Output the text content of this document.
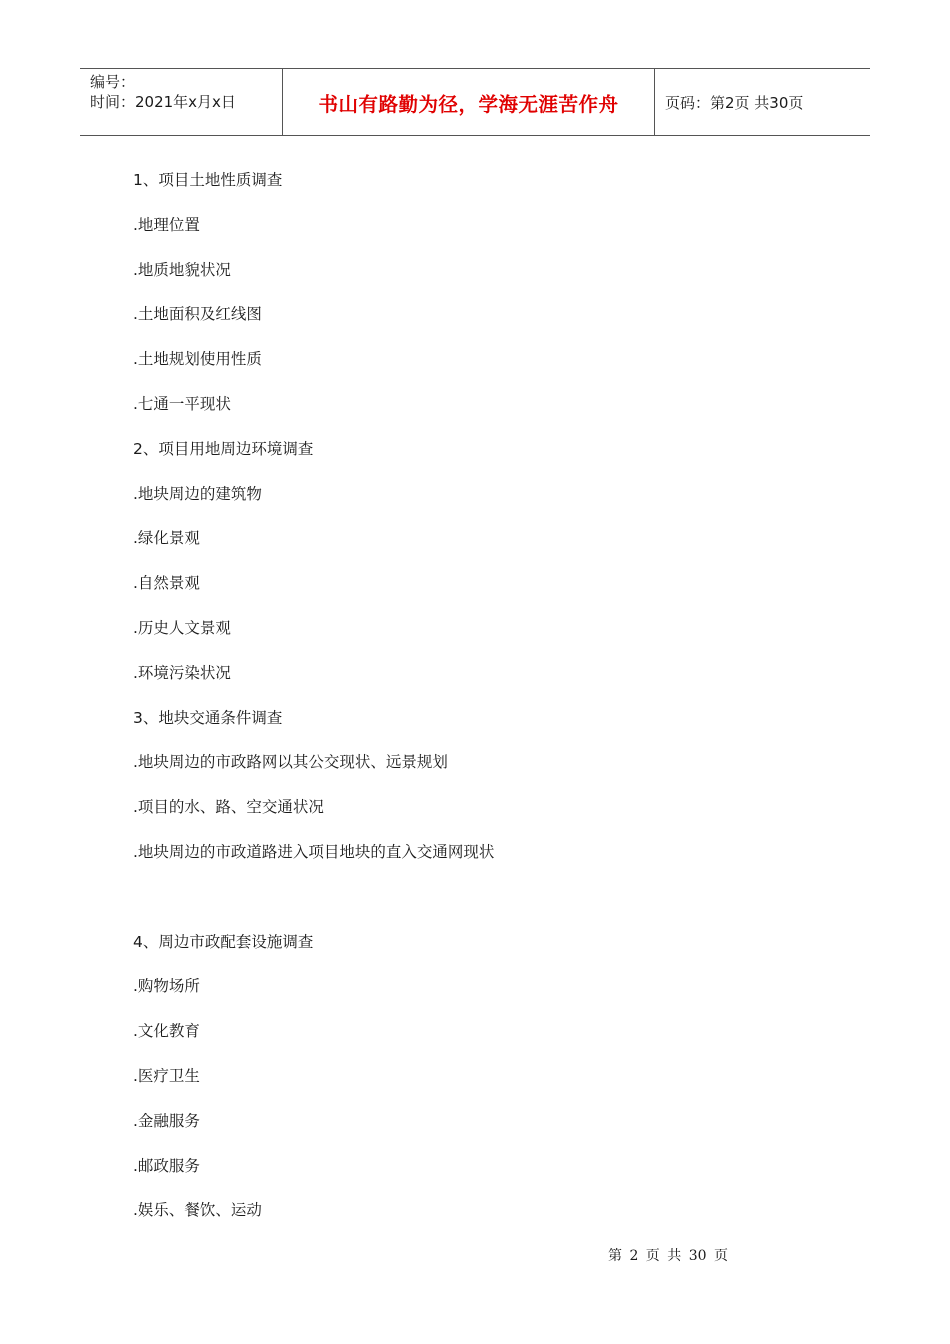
编号：
时间：2021年x月x日	书山有路勤为径，学海无涯苦作舟	页码：第2页 共30页
1、项目土地性质调查
.地理位置
.地质地貌状况
.土地面积及红线图
.土地规划使用性质
.七通一平现状
2、项目用地周边环境调查
.地块周边的建筑物
.绿化景观
.自然景观
.历史人文景观
.环境污染状况
3、地块交通条件调查
.地块周边的市政路网以其公交现状、远景规划
.项目的水、路、空交通状况
.地块周边的市政道路进入项目地块的直入交通网现状
4、周边市政配套设施调查
.购物场所
.文化教育
.医疗卫生
.金融服务
.邮政服务
.娱乐、餐饮、运动
第 2 页 共 30 页
